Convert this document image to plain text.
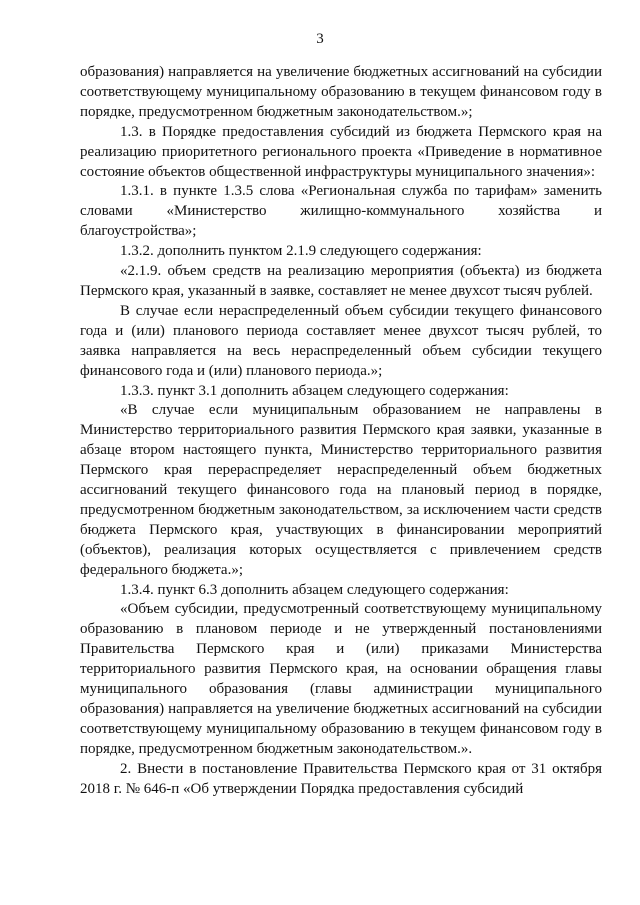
3

образования) направляется на увеличение бюджетных ассигнований на субсидии соответствующему муниципальному образованию в текущем финансовом году в порядке, предусмотренном бюджетным законодательством.»;

1.3. в Порядке предоставления субсидий из бюджета Пермского края на реализацию приоритетного регионального проекта «Приведение в нормативное состояние объектов общественной инфраструктуры муниципального значения»:

1.3.1. в пункте 1.3.5 слова «Региональная служба по тарифам» заменить словами «Министерство жилищно-коммунального хозяйства и благоустройства»;

1.3.2. дополнить пунктом 2.1.9 следующего содержания:

«2.1.9. объем средств на реализацию мероприятия (объекта) из бюджета Пермского края, указанный в заявке, составляет не менее двухсот тысяч рублей.

В случае если нераспределенный объем субсидии текущего финансового года и (или) планового периода составляет менее двухсот тысяч рублей, то заявка направляется на весь нераспределенный объем субсидии текущего финансового года и (или) планового периода.»;

1.3.3. пункт 3.1 дополнить абзацем следующего содержания:

«В случае если муниципальным образованием не направлены в Министерство территориального развития Пермского края заявки, указанные в абзаце втором настоящего пункта, Министерство территориального развития Пермского края перераспределяет нераспределенный объем бюджетных ассигнований текущего финансового года на плановый период в порядке, предусмотренном бюджетным законодательством, за исключением части средств бюджета Пермского края, участвующих в финансировании мероприятий (объектов), реализация которых осуществляется с привлечением средств федерального бюджета.»;

1.3.4. пункт 6.3 дополнить абзацем следующего содержания:

«Объем субсидии, предусмотренный соответствующему муниципальному образованию в плановом периоде и не утвержденный постановлениями Правительства Пермского края и (или) приказами Министерства территориального развития Пермского края, на основании обращения главы муниципального образования (главы администрации муниципального образования) направляется на увеличение бюджетных ассигнований на субсидии соответствующему муниципальному образованию в текущем финансовом году в порядке, предусмотренном бюджетным законодательством.».

2. Внести в постановление Правительства Пермского края от 31 октября 2018 г. № 646-п «Об утверждении Порядка предоставления субсидий
